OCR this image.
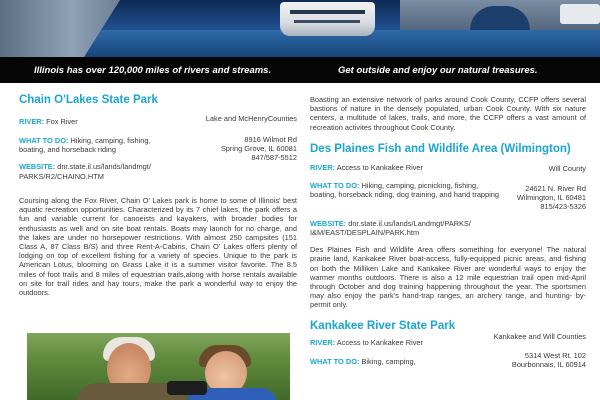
Illinois has over 120,000 miles of rivers and streams.	Get outside and enjoy our natural treasures.
Chain O'Lakes State Park
RIVER: Fox River	Lake and McHenryCounties
WHAT TO DO: Hiking, camping, fishing, boating, and horseback riding
8916 Wilmot Rd
Spring Grove, IL 60081
847/587-5512
WEBSITE: dnr.state.il.us/lands/landmgt/ PARKS/R2/CHAINO.HTM

Coursing along the Fox River, Chain O' Lakes park is home to some of Illinois' best aquatic recreation opportunities. Characterized by its 7 chief lakes, the park offers a fun and variable current for canoeists and kayakers, with broader bodies for enthusiasts as well and on site boat rentals. Boats may launch for no charge, and the lakes are under no horsepower restrictions. With almost 250 campsites (151 Class A, 87 Class B/S) and three Rent-A-Cabins, Chain O' Lakes offers plenty of lodging on top of excellent fishing for a variety of species. Unique to the park is American Lotus, blooming on Grass Lake it is a summer visitor favorite. The 8.5 miles of foot trails and 8 miles of equestrian trails,along with horse rentals available on site for trail rides and hay tours, make the park a wonderful way to enjoy the outdoors.

Boasting an extensive network of parks around Cook County, CCFP offers several bastions of nature in the densely populated, urban Cook County. With six nature centers, a multitude of lakes, trails, and more, the CCFP offers a vast amount of recreation activites throughout Cook County.

Des Plaines Fish and Wildlife Area (Wilmington)
RIVER: Access to Kankakee River	Will County
WHAT TO DO: Hiking, camping, picnicking, fishing, boating, horseback riding, dog training, and hand trapping
24621 N. River Rd
Wilmington, IL 60481
815/423-5326
WEBSITE: dnr.state.il.us/lands/Landmgt/PARKS/ I&M/EAST/DESPLAIN/PARK.htm

Des Plaines Fish and Wildlife Area offers something for everyone! The natural prairie land, Kankakee River boat-access, fully-equipped picnic areas, and fishing on both the Milliken Lake and Kankakee River are wonderful ways to enjoy the warmer months outdoors. There is also a 12 mile equestrian trail open mid-April through October and dog training happening throughout the year. The sportsmen may also enjoy the park's hand-trap ranges, an archery range, and hunting- by- permit only.

Kankakee River State Park
RIVER: Access to Kankakee River
Kankakee and Will Counties
WHAT TO DO: Biking, camping,
5314 West Rt. 102
Bourbonnais, IL 60914
